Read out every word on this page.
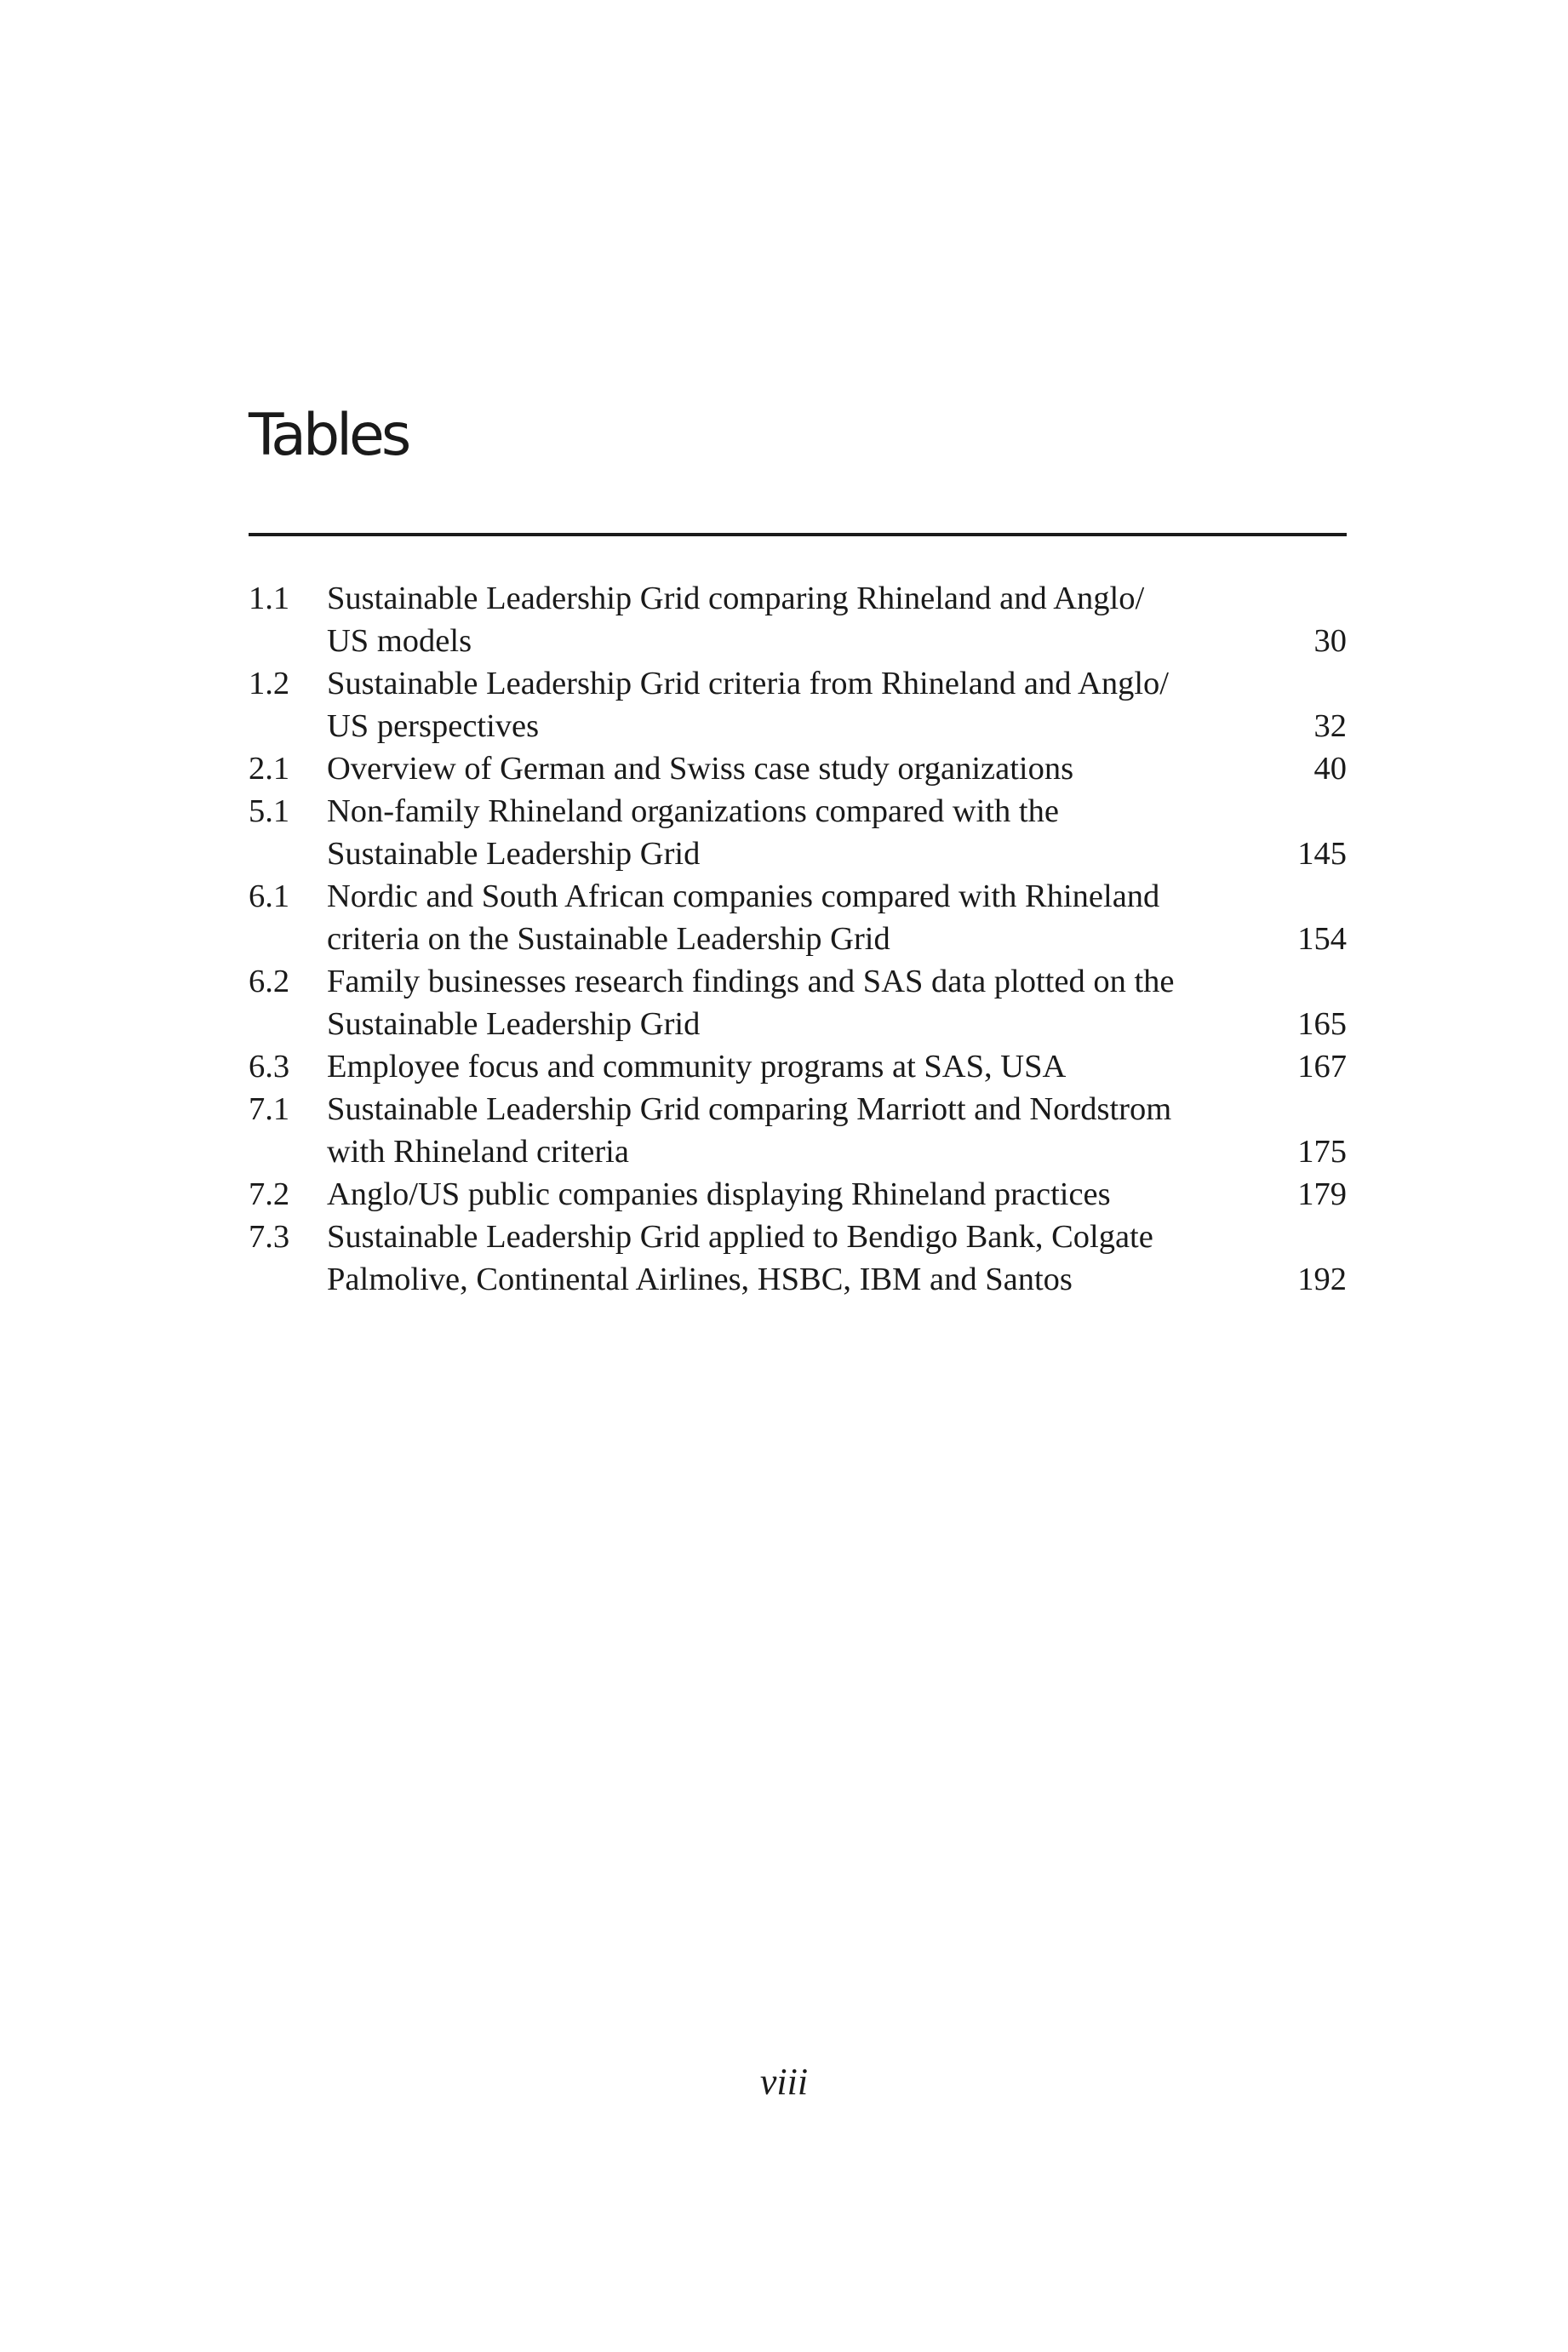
Tables
1.1	Sustainable Leadership Grid comparing Rhineland and Anglo/
US models	30
1.2	Sustainable Leadership Grid criteria from Rhineland and Anglo/
US perspectives	32
2.1	Overview of German and Swiss case study organizations	40
5.1	Non-family Rhineland organizations compared with the
Sustainable Leadership Grid	145
6.1	Nordic and South African companies compared with Rhineland
criteria on the Sustainable Leadership Grid	154
6.2	Family businesses research findings and SAS data plotted on the
Sustainable Leadership Grid	165
6.3	Employee focus and community programs at SAS, USA	167
7.1	Sustainable Leadership Grid comparing Marriott and Nordstrom
with Rhineland criteria	175
7.2	Anglo/US public companies displaying Rhineland practices	179
7.3	Sustainable Leadership Grid applied to Bendigo Bank, Colgate
Palmolive, Continental Airlines, HSBC, IBM and Santos	192
viii
